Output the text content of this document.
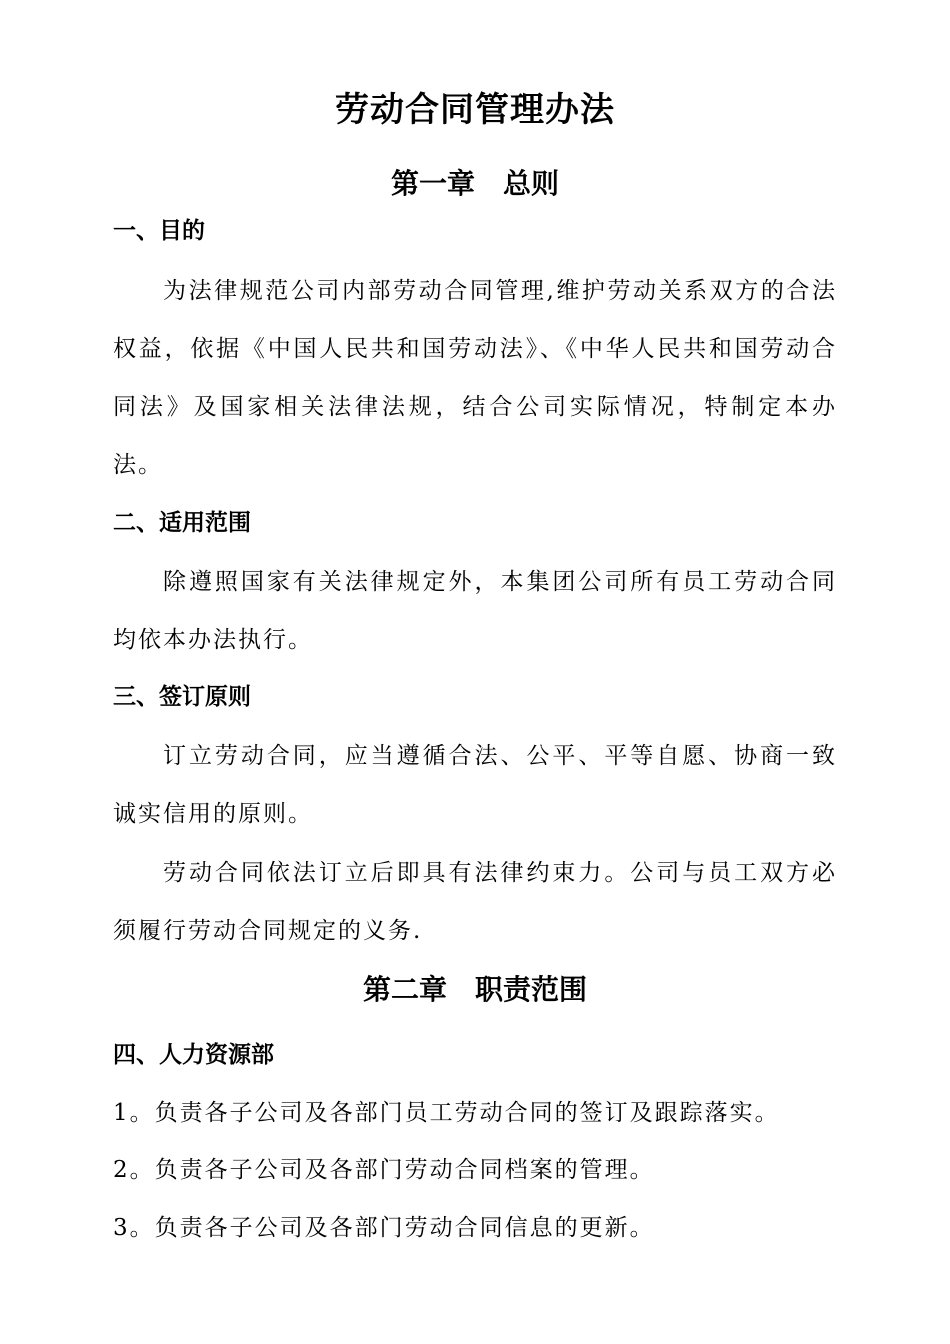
劳动合同管理办法
第一章　总则
一、目的

为法律规范公司内部劳动合同管理,维护劳动关系双方的合法权益，依据《中国人民共和国劳动法》、《中华人民共和国劳动合同法》及国家相关法律法规，结合公司实际情况，特制定本办法。

二、适用范围

除遵照国家有关法律规定外，本集团公司所有员工劳动合同均依本办法执行。

三、签订原则

订立劳动合同，应当遵循合法、公平、平等自愿、协商一致诚实信用的原则。

劳动合同依法订立后即具有法律约束力。公司与员工双方必须履行劳动合同规定的义务.

第二章　职责范围
四、人力资源部

1。负责各子公司及各部门员工劳动合同的签订及跟踪落实。

2。负责各子公司及各部门劳动合同档案的管理。

3。负责各子公司及各部门劳动合同信息的更新。
